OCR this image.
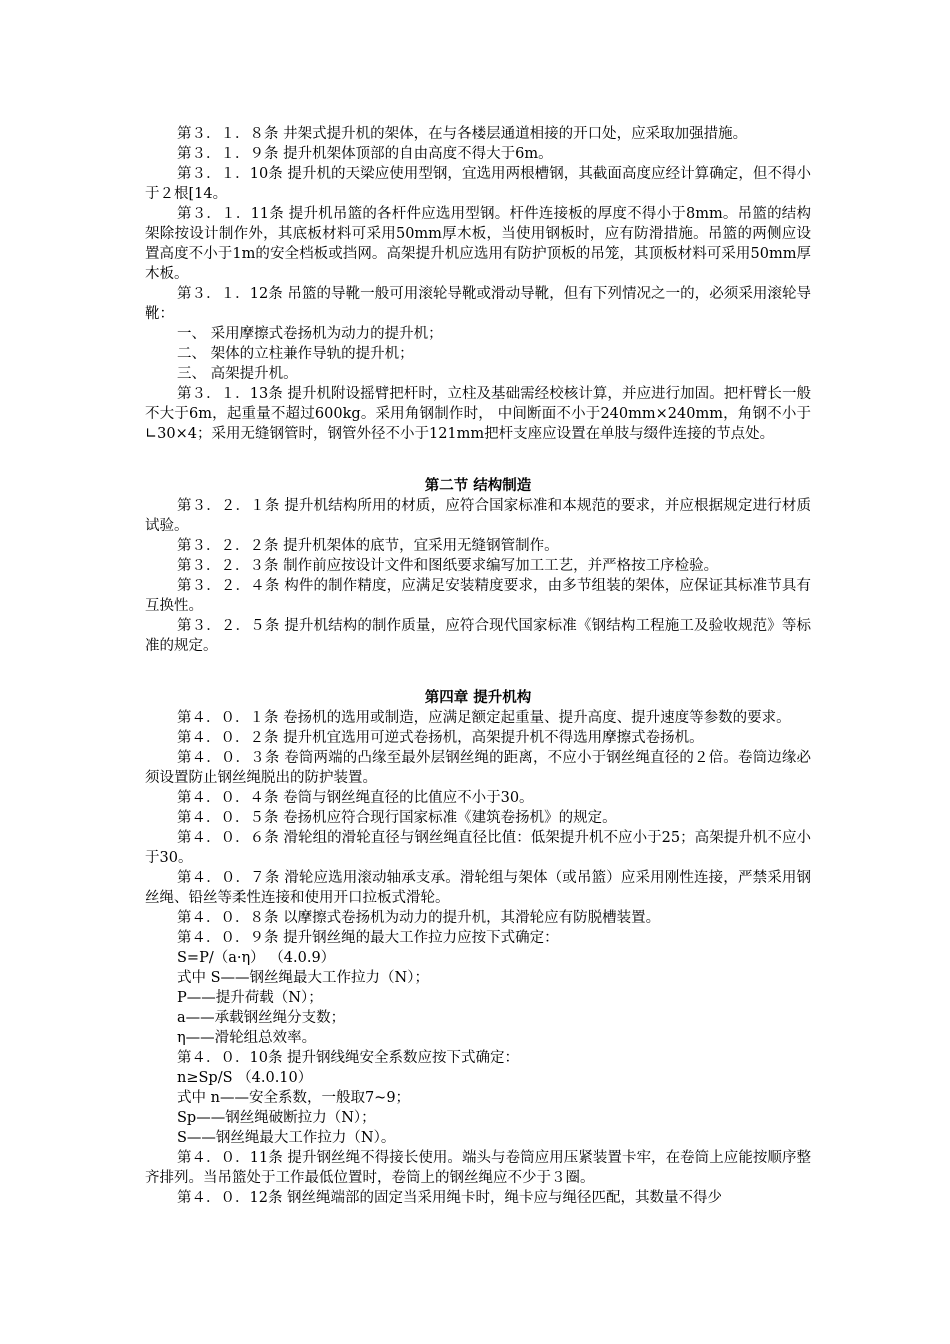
第３．１．８条 井架式提升机的架体，在与各楼层通道相接的开口处，应采取加强措施。

第３．１．９条 提升机架体顶部的自由高度不得大于6m。

第３．１．10条 提升机的天梁应使用型钢，宜选用两根槽钢，其截面高度应经计算确定，但不得小于２根[14。

第３．１．11条 提升机吊篮的各杆件应选用型钢。杆件连接板的厚度不得小于8mm。吊篮的结构架除按设计制作外，其底板材料可采用50mm厚木板，当使用钢板时，应有防滑措施。吊篮的两侧应设置高度不小于1m的安全档板或挡网。高架提升机应选用有防护顶板的吊笼，其顶板材料可采用50mm厚木板。

第３．１．12条 吊篮的导靴一般可用滚轮导靴或滑动导靴，但有下列情况之一的，必须采用滚轮导靴：

一、 采用摩擦式卷扬机为动力的提升机；

二、 架体的立柱兼作导轨的提升机；

三、 高架提升机。

第３．１．13条 提升机附设摇臂把杆时，立柱及基础需经校核计算，并应进行加固。把杆臂长一般不大于6m，起重量不超过600kg。采用角钢制作时， 中间断面不小于240mm×240mm，角钢不小于∟30×4；采用无缝钢管时，钢管外径不小于121mm把杆支座应设置在单肢与缀件连接的节点处。

第二节 结构制造

第３．２．１条 提升机结构所用的材质，应符合国家标准和本规范的要求，并应根据规定进行材质试验。

第３．２．２条 提升机架体的底节，宜采用无缝钢管制作。

第３．２．３条 制作前应按设计文件和图纸要求编写加工工艺，并严格按工序检验。

第３．２．４条 构件的制作精度，应满足安装精度要求，由多节组装的架体，应保证其标准节具有互换性。

第３．２．５条 提升机结构的制作质量，应符合现代国家标准《钢结构工程施工及验收规范》等标准的规定。

第四章 提升机构

第４．０．１条 卷扬机的选用或制造，应满足额定起重量、提升高度、提升速度等参数的要求。

第４．０．２条 提升机宜选用可逆式卷扬机，高架提升机不得选用摩擦式卷扬机。

第４．０．３条 卷筒两端的凸缘至最外层钢丝绳的距离，不应小于钢丝绳直径的２倍。卷筒边缘必须设置防止钢丝绳脱出的防护装置。

第４．０．４条 卷筒与钢丝绳直径的比值应不小于30。

第４．０．５条 卷扬机应符合现行国家标准《建筑卷扬机》的规定。

第４．０．６条 滑轮组的滑轮直径与钢丝绳直径比值：低架提升机不应小于25；高架提升机不应小于30。

第４．０．７条 滑轮应选用滚动轴承支承。滑轮组与架体（或吊篮）应采用刚性连接，严禁采用钢丝绳、铅丝等柔性连接和使用开口拉板式滑轮。

第４．０．８条 以摩擦式卷扬机为动力的提升机，其滑轮应有防脱槽装置。

第４．０．９条 提升钢丝绳的最大工作拉力应按下式确定：

S=P/（a·η） （4.0.9）

式中 S——钢丝绳最大工作拉力（N）；

P——提升荷载（N）；

a——承载钢丝绳分支数；

η——滑轮组总效率。

第４．０．10条 提升钢线绳安全系数应按下式确定：

n≥Sp/S （4.0.10）

式中 n——安全系数，一般取7~9；

Sp——钢丝绳破断拉力（N）；

S——钢丝绳最大工作拉力（N）。

第４．０．11条 提升钢丝绳不得接长使用。端头与卷筒应用压紧装置卡牢，在卷筒上应能按顺序整齐排列。当吊篮处于工作最低位置时，卷筒上的钢丝绳应不少于３圈。

第４．０．12条 钢丝绳端部的固定当采用绳卡时，绳卡应与绳径匹配，其数量不得少
